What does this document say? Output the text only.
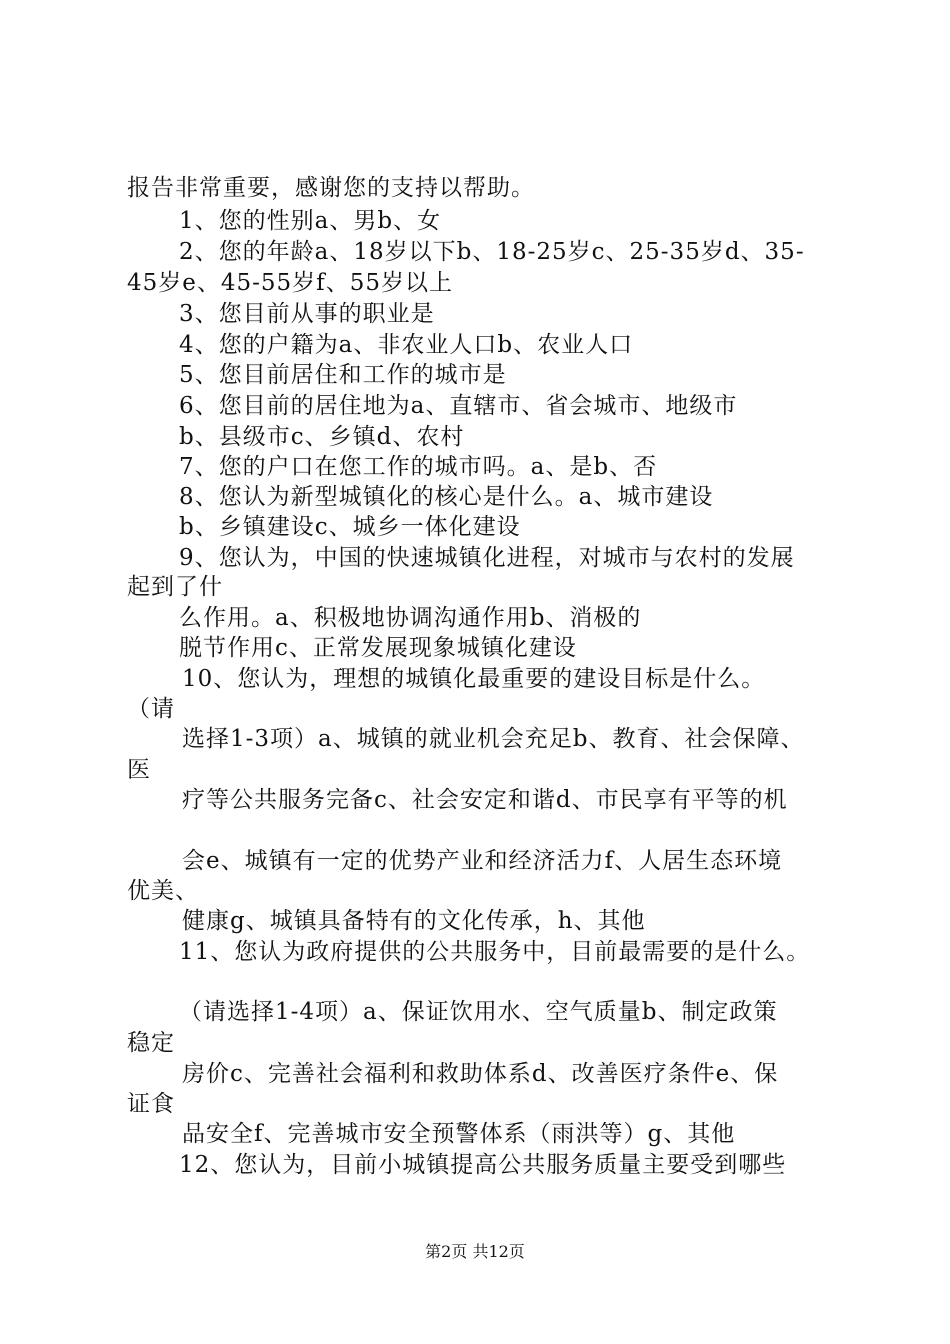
报告非常重要，感谢您的支持以帮助。
1、您的性别a、男b、女
2、您的年龄a、18岁以下b、18-25岁c、25-35岁d、35-
45岁e、45-55岁f、55岁以上
3、您目前从事的职业是
4、您的户籍为a、非农业人口b、农业人口
5、您目前居住和工作的城市是
6、您目前的居住地为a、直辖市、省会城市、地级市
b、县级市c、乡镇d、农村
7、您的户口在您工作的城市吗。a、是b、否
8、您认为新型城镇化的核心是什么。a、城市建设
b、乡镇建设c、城乡一体化建设
9、您认为，中国的快速城镇化进程，对城市与农村的发展
起到了什
么作用。a、积极地协调沟通作用b、消极的
脱节作用c、正常发展现象城镇化建设
10、您认为，理想的城镇化最重要的建设目标是什么。
（请
选择1-3项）a、城镇的就业机会充足b、教育、社会保障、
医
疗等公共服务完备c、社会安定和谐d、市民享有平等的机
会e、城镇有一定的优势产业和经济活力f、人居生态环境
优美、
健康g、城镇具备特有的文化传承，h、其他
11、您认为政府提供的公共服务中，目前最需要的是什么。
（请选择1-4项）a、保证饮用水、空气质量b、制定政策
稳定
房价c、完善社会福利和救助体系d、改善医疗条件e、保
证食
品安全f、完善城市安全预警体系（雨洪等）g、其他
12、您认为，目前小城镇提高公共服务质量主要受到哪些
第2页 共12页
